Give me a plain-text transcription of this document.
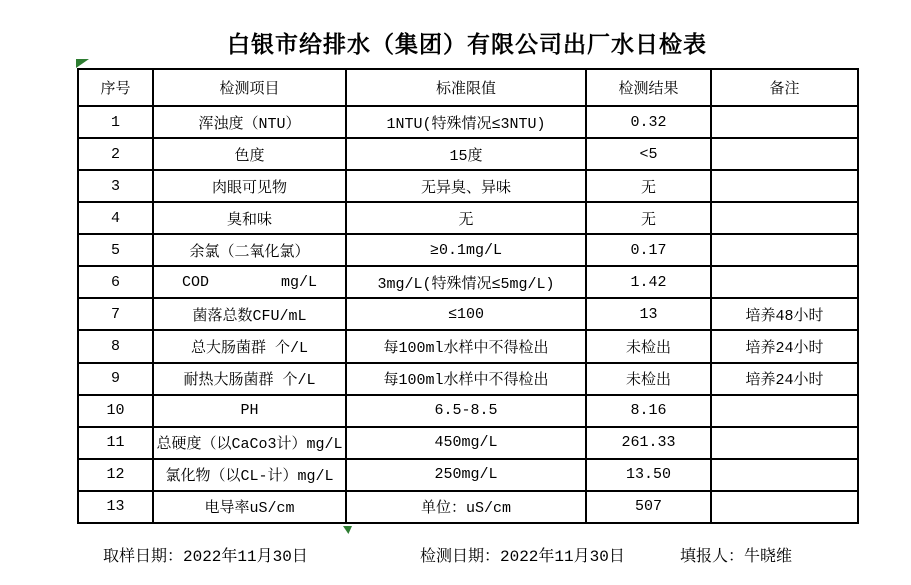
白银市给排水（集团）有限公司出厂水日检表
序号	检测项目	标准限值	检测结果	备注
1	浑浊度（NTU）	1NTU(特殊情况≤3NTU)	0.32	
2	色度	15度	<5	
3	肉眼可见物	无异臭、异味	无	
4	臭和味	无	无	
5	余氯（二氧化氯）	≥0.1mg/L	0.17	
6	COD        mg/L	3mg/L(特殊情况≤5mg/L)	1.42	
7	菌落总数CFU/mL	≤100	13	培养48小时
8	总大肠菌群 个/L	每100ml水样中不得检出	未检出	培养24小时
9	耐热大肠菌群 个/L	每100ml水样中不得检出	未检出	培养24小时
10	PH	6.5-8.5	8.16	
11	总硬度（以CaCo3计）mg/L	450mg/L	261.33	
12	氯化物（以CL-计）mg/L	250mg/L	13.50	
13	电导率uS/cm	单位：uS/cm	507	
取样日期：2022年11月30日	检测日期：2022年11月30日	填报人：牛晓维
